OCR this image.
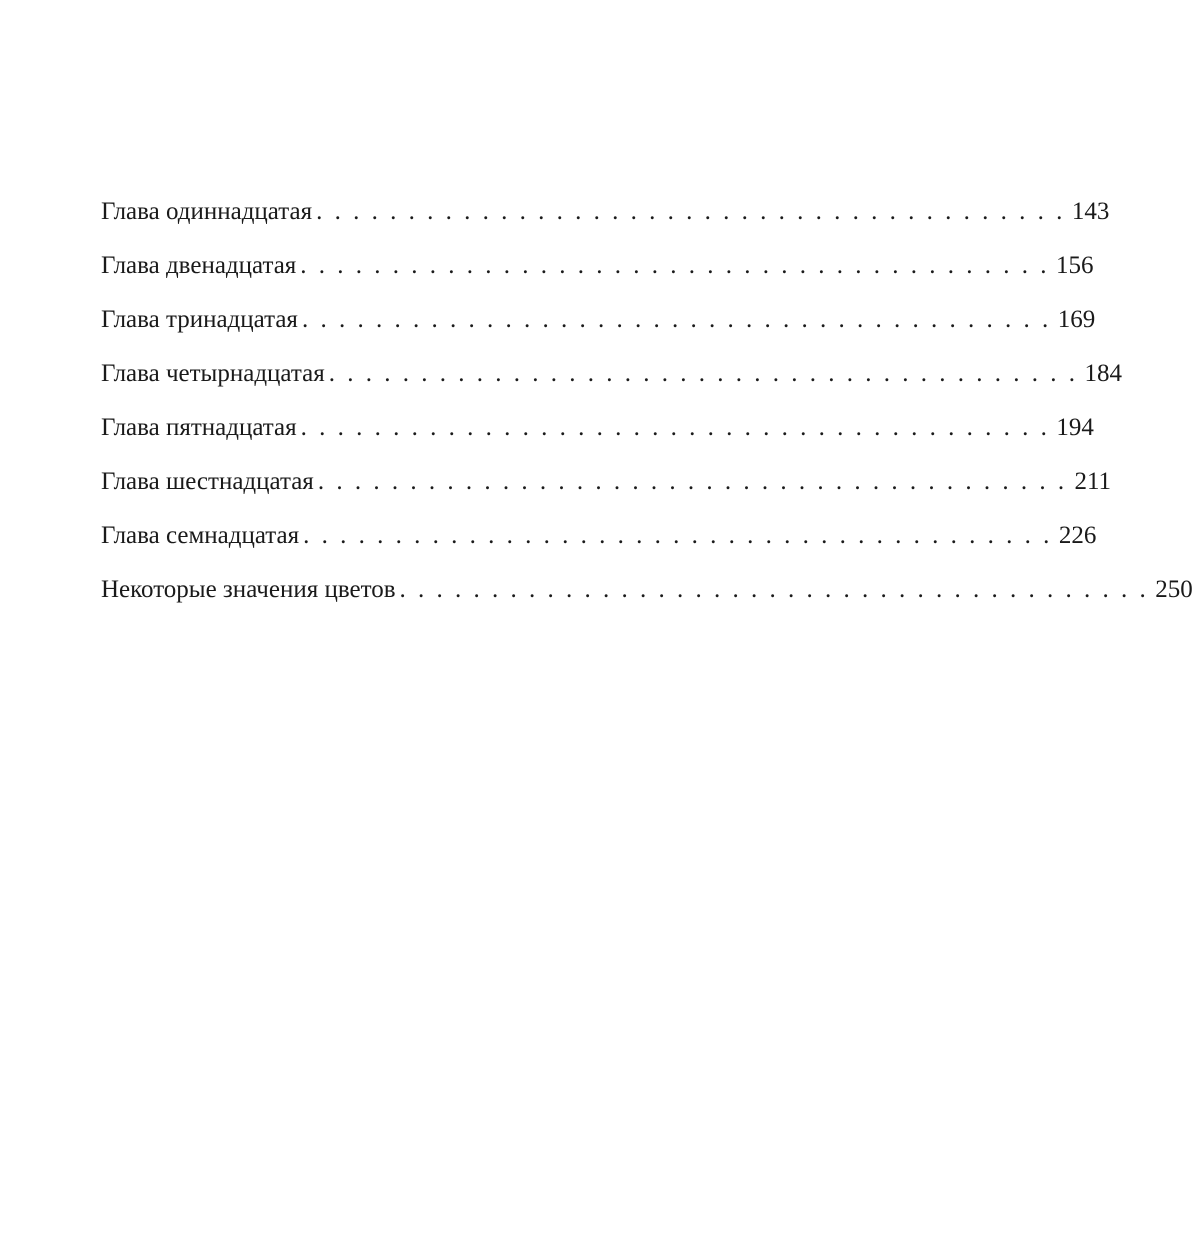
Глава одиннадцатая . . . . . . . . . . . . . . . . . . . . . . . . . . . . . . . . . . . . . . . . . 143
Глава двенадцатая . . . . . . . . . . . . . . . . . . . . . . . . . . . . . . . . . . . . . . . . . 156
Глава тринадцатая . . . . . . . . . . . . . . . . . . . . . . . . . . . . . . . . . . . . . . . . . 169
Глава четырнадцатая . . . . . . . . . . . . . . . . . . . . . . . . . . . . . . . . . . . . . . . . . 184
Глава пятнадцатая . . . . . . . . . . . . . . . . . . . . . . . . . . . . . . . . . . . . . . . . . 194
Глава шестнадцатая . . . . . . . . . . . . . . . . . . . . . . . . . . . . . . . . . . . . . . . . . 211
Глава семнадцатая . . . . . . . . . . . . . . . . . . . . . . . . . . . . . . . . . . . . . . . . . 226
Некоторые значения цветов . . . . . . . . . . . . . . . . . . . . . . . . . . . . . . . . . . . . . . . . . 250
